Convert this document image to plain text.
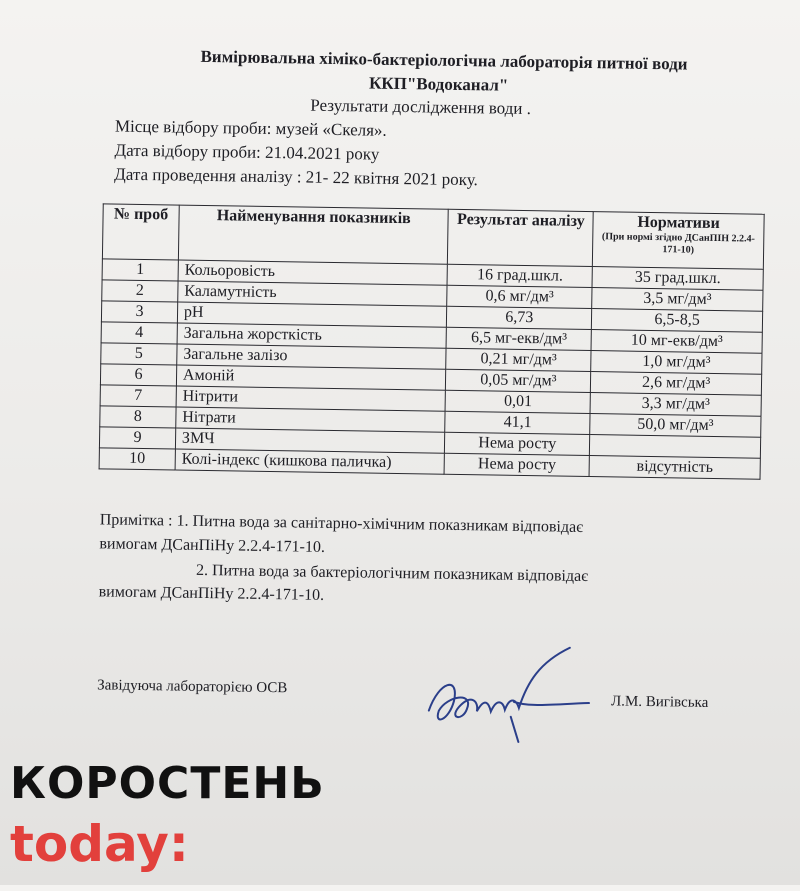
Вимірювальна хіміко-бактеріологічна лабораторія питної води
ККП"Водоканал"
Результати дослідження води .
Місце відбору проби: музей «Скеля».
Дата відбору проби: 21.04.2021 року
Дата проведення аналізу : 21- 22 квітня 2021 року.
№ проб	Найменування показників	Результат аналізу	Нормативи
(При нормі згідно ДСанПІН 2.2.4-171-10)

1	Кольоровість	16 град.шкл.	35 град.шкл.
2	Каламутність	0,6 мг/дм³	3,5 мг/дм³
3	pH	6,73	6,5-8,5
4	Загальна жорсткість	6,5 мг-екв/дм³	10 мг-екв/дм³
5	Загальне залізо	0,21 мг/дм³	1,0 мг/дм³
6	Амоній	0,05 мг/дм³	2,6 мг/дм³
7	Нітрити	0,01	3,3 мг/дм³
8	Нітрати	41,1	50,0 мг/дм³
9	ЗМЧ	Нема росту	
10	Колі-індекс (кишкова паличка)	Нема росту	відсутність
Примітка : 1. Питна вода за санітарно-хімічним показникам відповідає
вимогам ДСанПіНу 2.2.4-171-10.
2. Питна вода за бактеріологічним показникам відповідає
вимогам ДСанПіНу 2.2.4-171-10.
Завідуюча лабораторією ОСВ
Л.М. Вигівська
КОРОСТЕНЬ
today:
